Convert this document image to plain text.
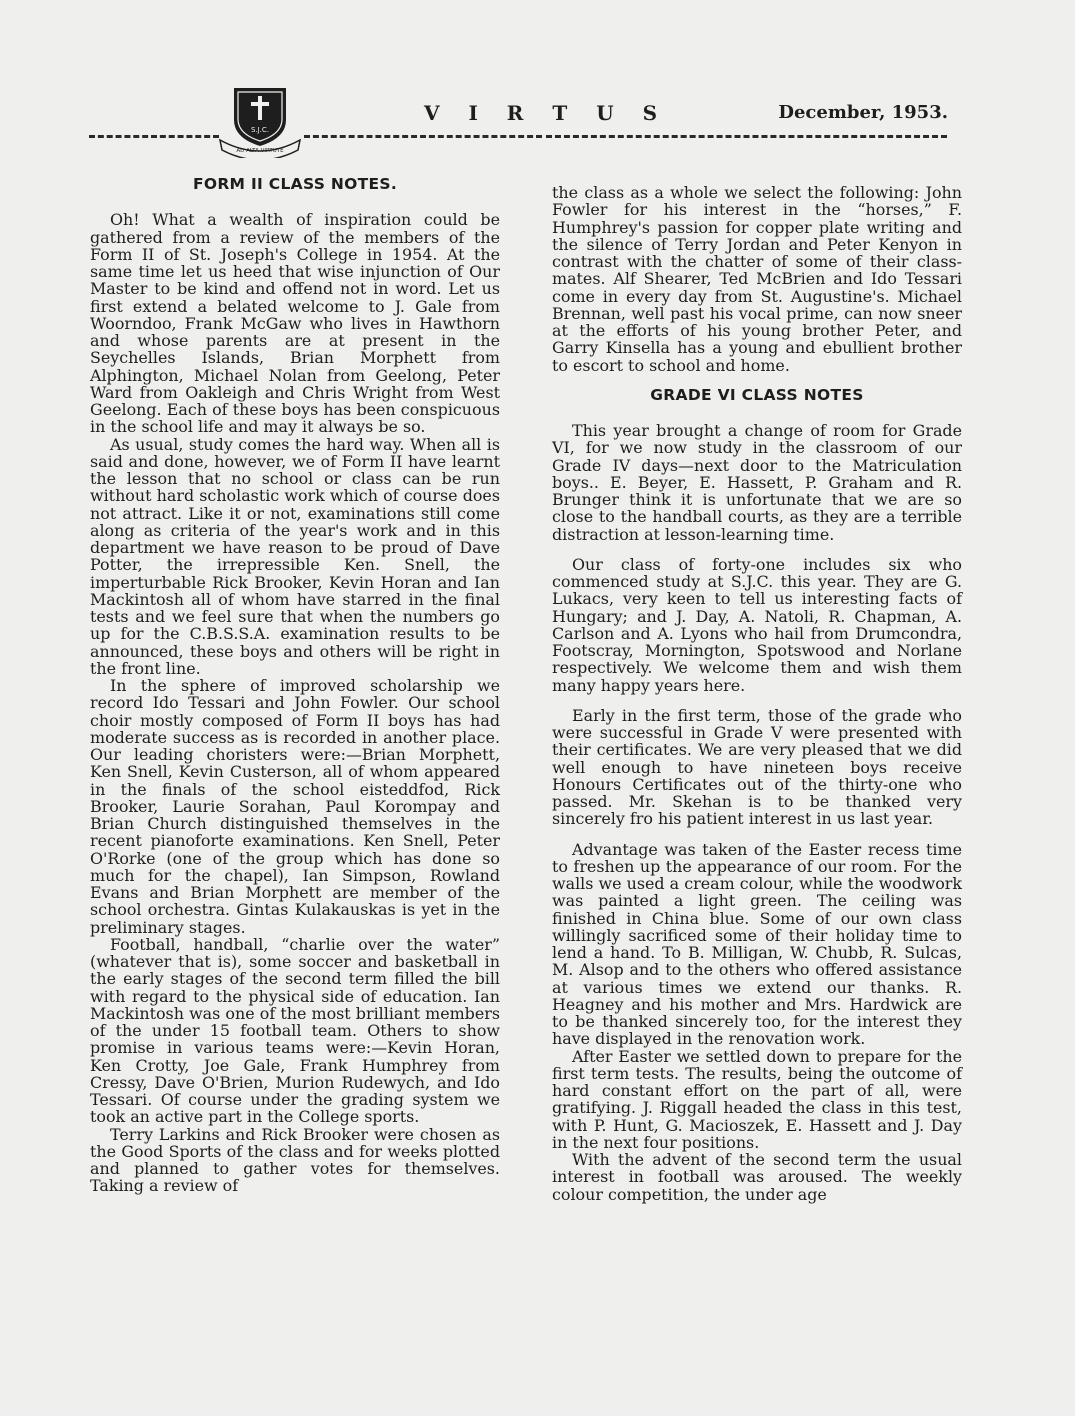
S.J.C.
AD ALTA VIRTUTE
V I R T U S	December, 1953.
FORM II CLASS NOTES.

Oh! What a wealth of inspiration could be gathered from a review of the members of the Form II of St. Joseph's College in 1954. At the same time let us heed that wise injunction of Our Master to be kind and offend not in word. Let us first extend a belated welcome to J. Gale from Woorndoo, Frank McGaw who lives in Hawthorn and whose parents are at present in the Seychelles Islands, Brian Morphett from Alphington, Michael Nolan from Geelong, Peter Ward from Oakleigh and Chris Wright from West Geelong. Each of these boys has been conspicuous in the school life and may it always be so.

As usual, study comes the hard way. When all is said and done, however, we of Form II have learnt the lesson that no school or class can be run without hard scholastic work which of course does not attract. Like it or not, examinations still come along as criteria of the year's work and in this department we have reason to be proud of Dave Potter, the irrepressible Ken. Snell, the imperturbable Rick Brooker, Kevin Horan and Ian Mackintosh all of whom have starred in the final tests and we feel sure that when the numbers go up for the C.B.S.S.A. examination results to be announced, these boys and others will be right in the front line.

In the sphere of improved scholarship we record Ido Tessari and John Fowler. Our school choir mostly composed of Form II boys has had moderate success as is recorded in another place. Our leading choristers were:—Brian Morphett, Ken Snell, Kevin Custerson, all of whom appeared in the finals of the school eisteddfod, Rick Brooker, Laurie Sorahan, Paul Korompay and Brian Church distinguished themselves in the recent pianoforte examinations. Ken Snell, Peter O'Rorke (one of the group which has done so much for the chapel), Ian Simpson, Rowland Evans and Brian Morphett are member of the school orchestra. Gintas Kulakauskas is yet in the preliminary stages.

Football, handball, “charlie over the water” (whatever that is), some soccer and basketball in the early stages of the second term filled the bill with regard to the physical side of education. Ian Mackintosh was one of the most brilliant members of the under 15 football team. Others to show promise in various teams were:—Kevin Horan, Ken Crotty, Joe Gale, Frank Humphrey from Cressy, Dave O'Brien, Murion Rudewych, and Ido Tessari. Of course under the grading system we took an active part in the College sports.

Terry Larkins and Rick Brooker were chosen as the Good Sports of the class and for weeks plotted and planned to gather votes for themselves. Taking a review of

the class as a whole we select the following: John Fowler for his interest in the “horses,” F. Humphrey's passion for copper plate writing and the silence of Terry Jordan and Peter Kenyon in contrast with the chatter of some of their class-mates. Alf Shearer, Ted McBrien and Ido Tessari come in every day from St. Augustine's. Michael Brennan, well past his vocal prime, can now sneer at the efforts of his young brother Peter, and Garry Kinsella has a young and ebullient brother to escort to school and home.

GRADE VI CLASS NOTES

This year brought a change of room for Grade VI, for we now study in the classroom of our Grade IV days—next door to the Matriculation boys.. E. Beyer, E. Hassett, P. Graham and R. Brunger think it is unfortunate that we are so close to the handball courts, as they are a terrible distraction at lesson-learning time.

Our class of forty-one includes six who commenced study at S.J.C. this year. They are G. Lukacs, very keen to tell us interesting facts of Hungary; and J. Day, A. Natoli, R. Chapman, A. Carlson and A. Lyons who hail from Drumcondra, Footscray, Mornington, Spotswood and Norlane respectively. We welcome them and wish them many happy years here.

Early in the first term, those of the grade who were successful in Grade V were presented with their certificates. We are very pleased that we did well enough to have nineteen boys receive Honours Certificates out of the thirty-one who passed. Mr. Skehan is to be thanked very sincerely fro his patient interest in us last year.

Advantage was taken of the Easter recess time to freshen up the appearance of our room. For the walls we used a cream colour, while the woodwork was painted a light green. The ceiling was finished in China blue. Some of our own class willingly sacrificed some of their holiday time to lend a hand. To B. Milligan, W. Chubb, R. Sulcas, M. Alsop and to the others who offered assistance at various times we extend our thanks. R. Heagney and his mother and Mrs. Hardwick are to be thanked sincerely too, for the interest they have displayed in the renovation work.

After Easter we settled down to prepare for the first term tests. The results, being the outcome of hard constant effort on the part of all, were gratifying. J. Riggall headed the class in this test, with P. Hunt, G. Macioszek, E. Hassett and J. Day in the next four positions.

With the advent of the second term the usual interest in football was aroused. The weekly colour competition, the under age
